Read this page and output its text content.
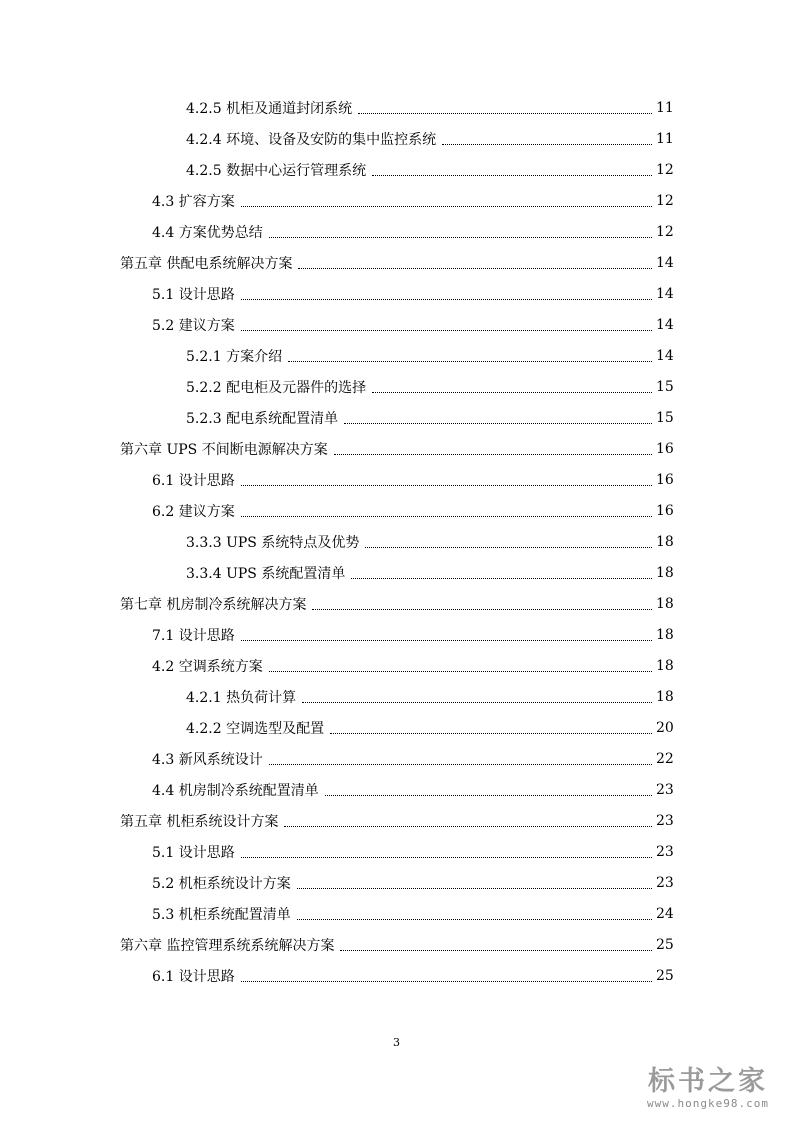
4.2.5 机柜及通道封闭系统	11
4.2.4 环境、设备及安防的集中监控系统	11
4.2.5 数据中心运行管理系统	12
4.3 扩容方案	12
4.4 方案优势总结	12
第五章 供配电系统解决方案	14
5.1 设计思路	14
5.2 建议方案	14
5.2.1 方案介绍	14
5.2.2 配电柜及元器件的选择	15
5.2.3 配电系统配置清单	15
第六章 UPS 不间断电源解决方案	16
6.1 设计思路	16
6.2 建议方案	16
3.3.3 UPS 系统特点及优势	18
3.3.4 UPS 系统配置清单	18
第七章 机房制冷系统解决方案	18
7.1 设计思路	18
4.2 空调系统方案	18
4.2.1 热负荷计算	18
4.2.2 空调选型及配置	20
4.3 新风系统设计	22
4.4 机房制冷系统配置清单	23
第五章 机柜系统设计方案	23
5.1 设计思路	23
5.2 机柜系统设计方案	23
5.3 机柜系统配置清单	24
第六章 监控管理系统系统解决方案	25
6.1 设计思路	25
3
标书之家
www.hongke98.com
